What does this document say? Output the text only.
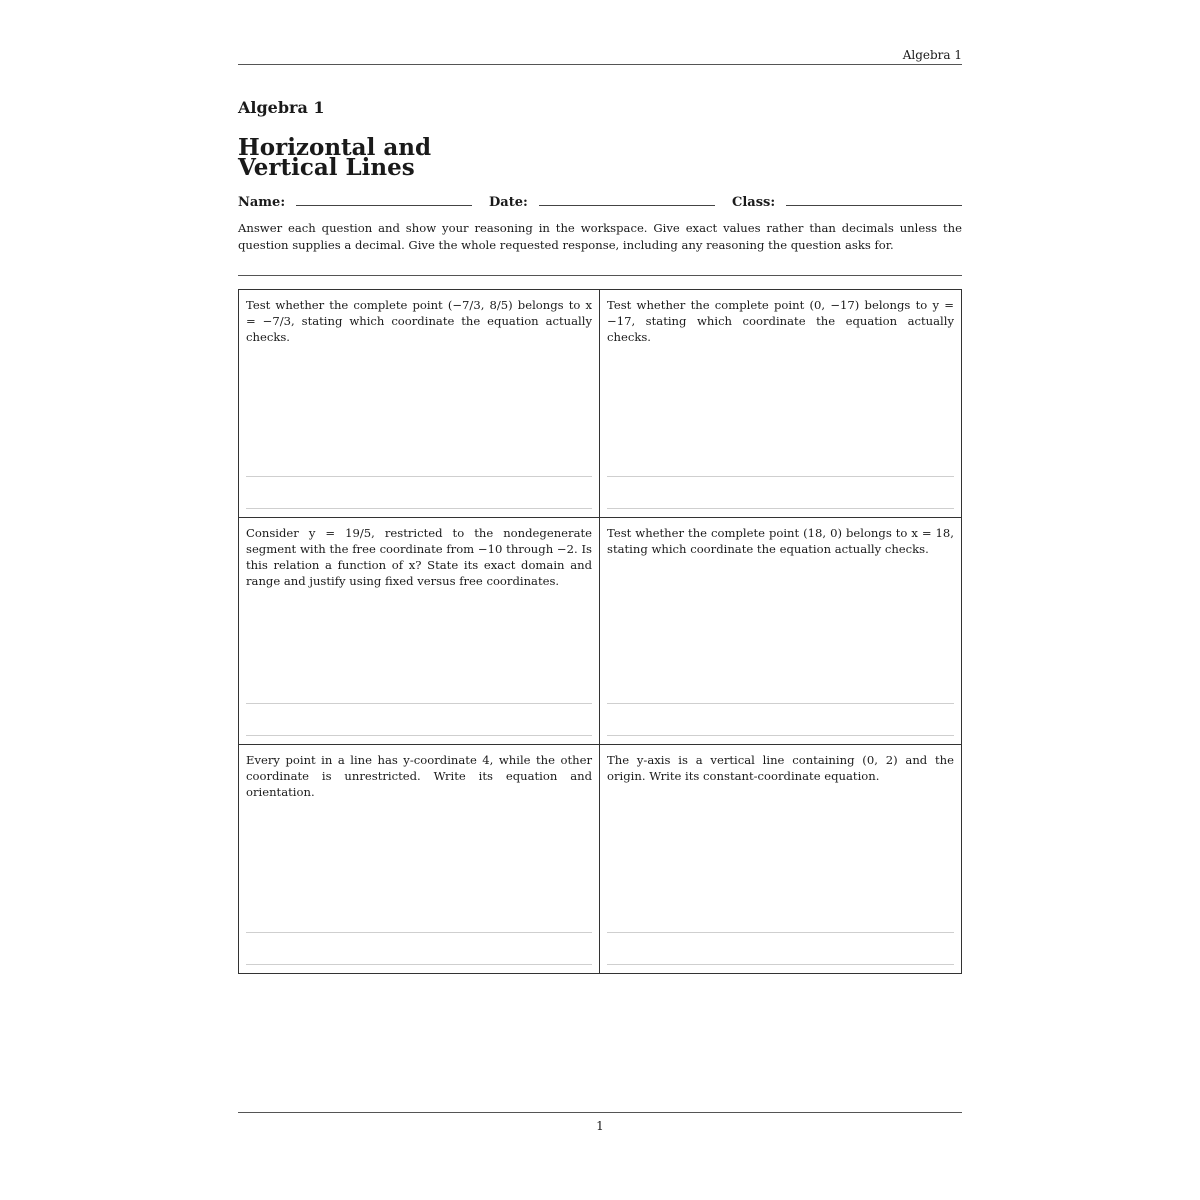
Algebra 1
Algebra 1
Horizontal and
Vertical Lines
Name:	Date:	Class:
Answer each question and show your reasoning in the workspace. Give exact values rather than decimals unless the question supplies a decimal. Give the whole requested response, including any reasoning the question asks for.
Test whether the complete point (−7/3, 8/5) belongs to x = −7/3, stating which coordinate the equation actually checks.
Test whether the complete point (0, −17) belongs to y = −17, stating which coordinate the equation actually checks.
Consider y = 19/5, restricted to the nondegenerate segment with the free coordinate from −10 through −2. Is this relation a function of x? State its exact domain and range and justify using fixed versus free coordinates.
Test whether the complete point (18, 0) belongs to x = 18, stating which coordinate the equation actually checks.
Every point in a line has y-coordinate 4, while the other coordinate is unrestricted. Write its equation and orientation.
The y-axis is a vertical line containing (0, 2) and the origin. Write its constant-coordinate equation.
1
